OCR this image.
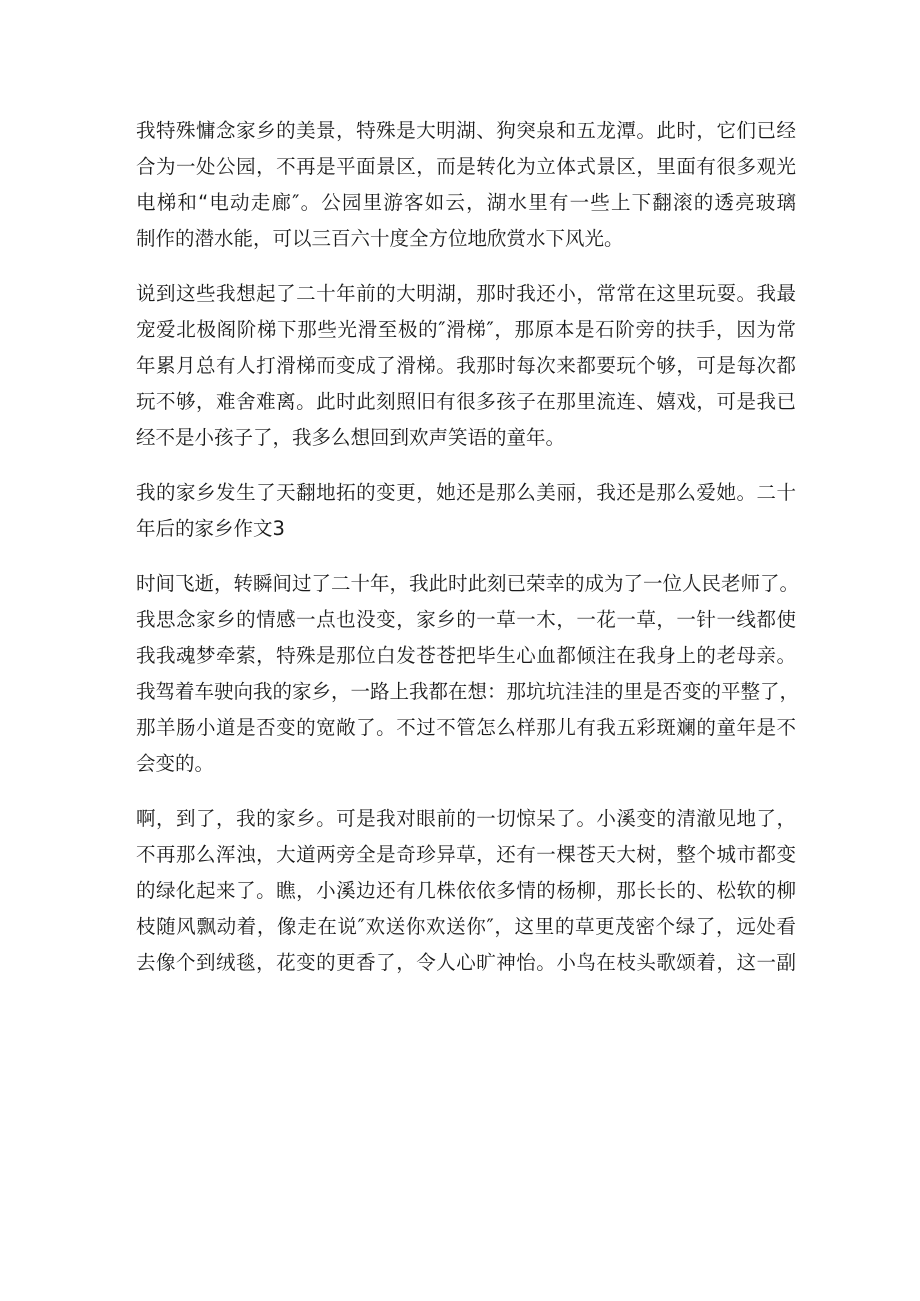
我特殊慵念家乡的美景，特殊是大明湖、狗突泉和五龙潭。此时，它们已经
合为一处公园，不再是平面景区，而是转化为立体式景区，里面有很多观光
电梯和“电动走廊″。公园里游客如云，湖水里有一些上下翻滚的透亮玻璃
制作的潜水能，可以三百六十度全方位地欣赏水下风光。
说到这些我想起了二十年前的大明湖，那时我还小，常常在这里玩耍。我最
宠爱北极阁阶梯下那些光滑至极的″滑梯″，那原本是石阶旁的扶手，因为常
年累月总有人打滑梯而变成了滑梯。我那时每次来都要玩个够，可是每次都
玩不够，难舍难离。此时此刻照旧有很多孩子在那里流连、嬉戏，可是我已
经不是小孩子了，我多么想回到欢声笑语的童年。
我的家乡发生了天翻地拓的变更，她还是那么美丽，我还是那么爱她。二十
年后的家乡作文3
时间飞逝，转瞬间过了二十年，我此时此刻已荣幸的成为了一位人民老师了。
我思念家乡的情感一点也没变，家乡的一草一木，一花一草，一针一线都使
我我魂梦牵萦，特殊是那位白发苍苍把毕生心血都倾注在我身上的老母亲。
我驾着车驶向我的家乡，一路上我都在想：那坑坑洼洼的里是否变的平整了，
那羊肠小道是否变的宽敞了。不过不管怎么样那儿有我五彩斑斓的童年是不
会变的。
啊，到了，我的家乡。可是我对眼前的一切惊呆了。小溪变的清澈见地了，
不再那么浑浊，大道两旁全是奇珍异草，还有一棵苍天大树，整个城市都变
的绿化起来了。瞧，小溪边还有几株依依多情的杨柳，那长长的、松软的柳
枝随风飘动着，像走在说″欢送你欢送你″，这里的草更茂密个绿了，远处看
去像个到绒毯，花变的更香了，令人心旷神怡。小鸟在枝头歌颂着，这一副
